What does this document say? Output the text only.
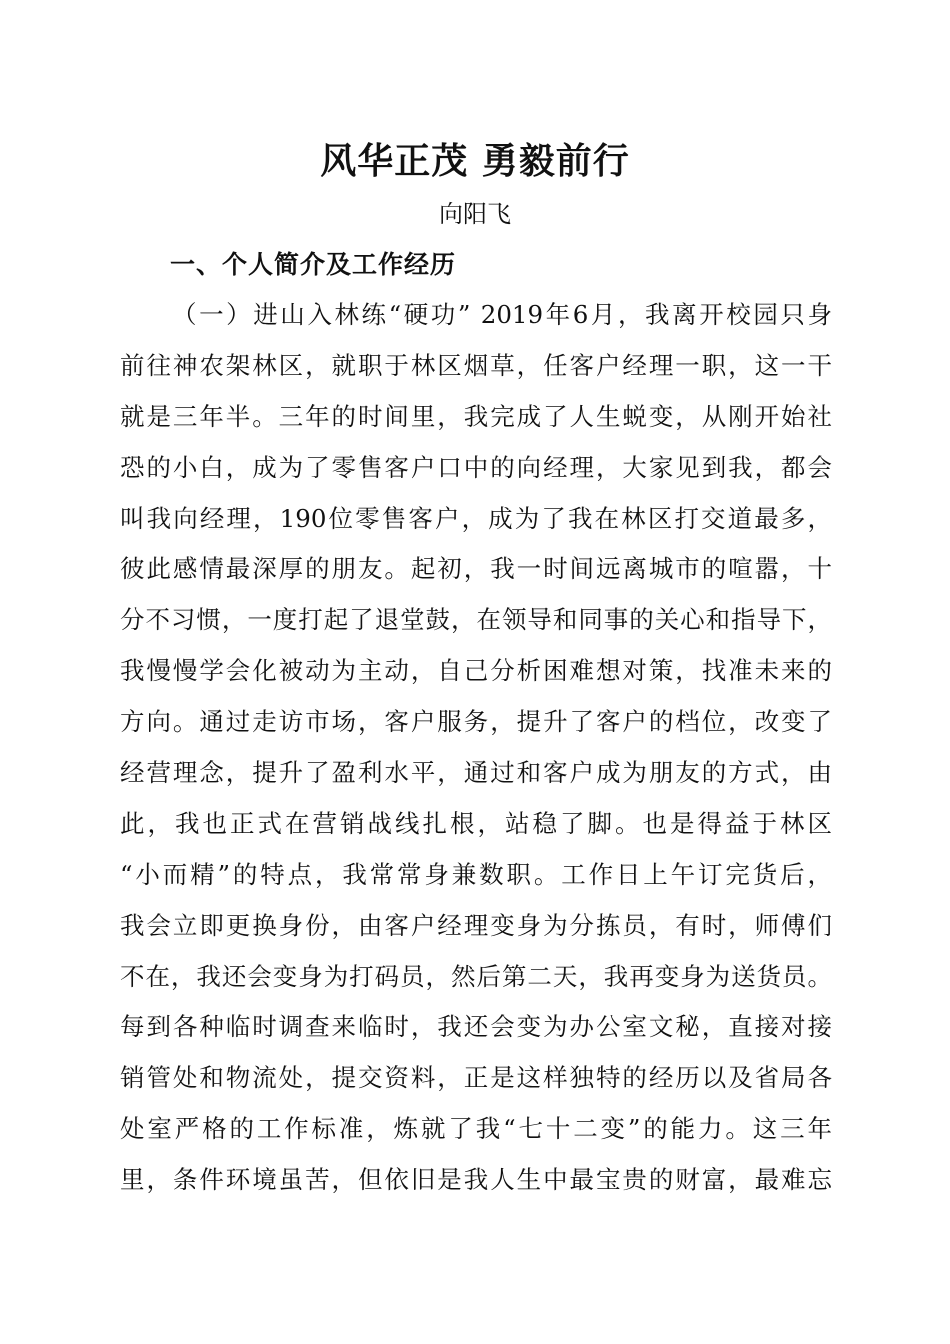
风华正茂 勇毅前行

向阳飞

一、个人简介及工作经历
（一）进山入林练“硬功” 2019年6月，我离开校园只身
前往神农架林区，就职于林区烟草，任客户经理一职，这一干
就是三年半。三年的时间里，我完成了人生蜕变，从刚开始社
恐的小白，成为了零售客户口中的向经理，大家见到我，都会
叫我向经理，190位零售客户，成为了我在林区打交道最多，
彼此感情最深厚的朋友。起初，我一时间远离城市的喧嚣，十
分不习惯，一度打起了退堂鼓，在领导和同事的关心和指导下，
我慢慢学会化被动为主动，自己分析困难想对策，找准未来的
方向。通过走访市场，客户服务，提升了客户的档位，改变了
经营理念，提升了盈利水平，通过和客户成为朋友的方式，由
此，我也正式在营销战线扎根，站稳了脚。也是得益于林区
“小而精”的特点，我常常身兼数职。工作日上午订完货后，
我会立即更换身份，由客户经理变身为分拣员，有时，师傅们
不在，我还会变身为打码员，然后第二天，我再变身为送货员。
每到各种临时调查来临时，我还会变为办公室文秘，直接对接
销管处和物流处，提交资料，正是这样独特的经历以及省局各
处室严格的工作标准，炼就了我“七十二变”的能力。这三年
里，条件环境虽苦，但依旧是我人生中最宝贵的财富，最难忘
